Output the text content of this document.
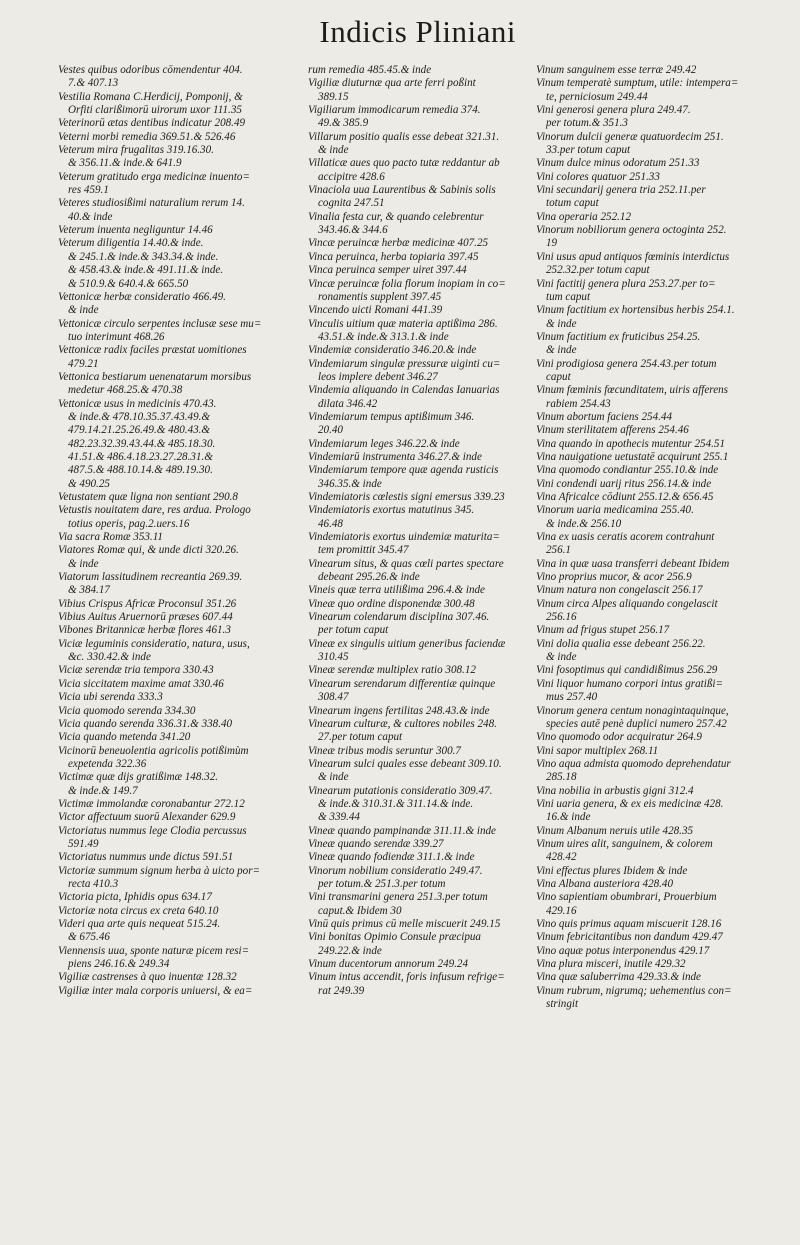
Indicis Pliniani

Vestes quibus odoribus cōmendentur 404.
7.& 407.13

Vestilia Romana C.Herdicij, Pomponij, &
Orfiti clarißimorū uirorum uxor 111.35

Veterinorū ætas dentibus indicatur 208.49

Veterni morbi remedia 369.51.& 526.46

Veterum mira frugalitas 319.16.30.
& 356.11.& inde.& 641.9

Veterum gratitudo erga medicinæ inuento=
res 459.1

Veteres studiosißimi naturalium rerum 14.
40.& inde

Veterum inuenta negliguntur 14.46

Veterum diligentia 14.40.& inde.
& 245.1.& inde.& 343.34.& inde.
& 458.43.& inde.& 491.11.& inde.
& 510.9.& 640.4.& 665.50

Vettonicæ herbæ consideratio 466.49.
& inde

Vettonicæ circulo serpentes inclusæ sese mu=
tuo interimunt 468.26

Vettonicæ radix faciles præstat uomitiones
479.21

Vettonica bestiarum uenenatarum morsibus
medetur 468.25.& 470.38

Vettonicæ usus in medicinis 470.43.
& inde.& 478.10.35.37.43.49.&
479.14.21.25.26.49.& 480.43.&
482.23.32.39.43.44.& 485.18.30.
41.51.& 486.4.18.23.27.28.31.&
487.5.& 488.10.14.& 489.19.30.
& 490.25

Vetustatem quæ ligna non sentiant 290.8

Vetustis nouitatem dare, res ardua. Prologo
totius operis, pag.2.uers.16

Via sacra Romæ 353.11

Viatores Romæ qui, & unde dicti 320.26.
& inde

Viatorum lassitudinem recreantia 269.39.
& 384.17

Vibius Crispus Africæ Proconsul 351.26

Vibius Auitus Aruernorū præses 607.44

Vibones Britannicæ herbæ flores 461.3

Viciæ leguminis consideratio, natura, usus,
&c. 330.42.& inde

Viciæ serendæ tria tempora 330.43

Vicia siccitatem maxime amat 330.46

Vicia ubi serenda 333.3

Vicia quomodo serenda 334.30

Vicia quando serenda 336.31.& 338.40

Vicia quando metenda 341.20

Vicinorū beneuolentia agricolis potißimùm
expetenda 322.36

Victimæ quæ dijs gratißimæ 148.32.
& inde.& 149.7

Victimæ immolandæ coronabantur 272.12

Victor affectuum suorū Alexander 629.9

Victoriatus nummus lege Clodia percussus
591.49

Victoriatus nummus unde dictus 591.51

Victoriæ summum signum herba à uicto por=
recta 410.3

Victoria picta, Iphidis opus 634.17

Victoriæ nota circus ex creta 640.10

Videri qua arte quis nequeat 515.24.
& 675.46

Viennensis uua, sponte naturæ picem resi=
piens 246.16.& 249.34

Vigiliæ castrenses à quo inuentæ 128.32

Vigiliæ inter mala corporis uniuersi, & ea=

rum remedia 485.45.& inde

Vigiliæ diuturnæ qua arte ferri poßint
389.15

Vigiliarum immodicarum remedia 374.
49.& 385.9

Villarum positio qualis esse debeat 321.31.
& inde

Villaticæ aues quo pacto tutæ reddantur ab
accipitre 428.6

Vinaciola uua Laurentibus & Sabinis solis
cognita 247.51

Vinalia festa cur, & quando celebrentur
343.46.& 344.6

Vincæ peruincæ herbæ medicinæ 407.25

Vinca peruinca, herba topiaria 397.45

Vinca peruinca semper uiret 397.44

Vincæ peruincæ folia florum inopiam in co=
ronamentis supplent 397.45

Vincendo uicti Romani 441.39

Vinculis uitium quæ materia aptißima 286.
43.51.& inde.& 313.1.& inde

Vindemiæ consideratio 346.20.& inde

Vindemiarum singulæ pressuræ uiginti cu=
leos implere debent 346.27

Vindemia aliquando in Calendas Ianuarias
dilata 346.42

Vindemiarum tempus aptißimum 346.
20.40

Vindemiarum leges 346.22.& inde

Vindemiarū instrumenta 346.27.& inde

Vindemiarum tempore quæ agenda rusticis
346.35.& inde

Vindemiatoris cœlestis signi emersus 339.23

Vindemiatoris exortus matutinus 345.
46.48

Vindemiatoris exortus uindemiæ maturita=
tem promittit 345.47

Vinearum situs, & quas cœli partes spectare
debeant 295.26.& inde

Vineis quæ terra utilißima 296.4.& inde

Vineæ quo ordine disponendæ 300.48

Vinearum colendarum disciplina 307.46.
per totum caput

Vineæ ex singulis uitium generibus faciendæ
310.45

Vineæ serendæ multiplex ratio 308.12

Vinearum serendarum differentiæ quinque
308.47

Vinearum ingens fertilitas 248.43.& inde

Vinearum culturæ, & cultores nobiles 248.
27.per totum caput

Vineæ tribus modis seruntur 300.7

Vinearum sulci quales esse debeant 309.10.
& inde

Vinearum putationis consideratio 309.47.
& inde.& 310.31.& 311.14.& inde.
& 339.44

Vineæ quando pampinandæ 311.11.& inde

Vineæ quando serendæ 339.27

Vineæ quando fodiendæ 311.1.& inde

Vinorum nobilium consideratio 249.47.
per totum.& 251.3.per totum

Vini transmarini genera 251.3.per totum
caput.& Ibidem 30

Vinū quis primus cū melle miscuerit 249.15

Vini bonitas Opimio Consule præcipua
249.22.& inde

Vinum ducentorum annorum 249.24

Vinum intus accendit, foris infusum refrige=
rat 249.39

Vinum sanguinem esse terræ 249.42

Vinum temperatè sumptum, utile: intempera=
te, perniciosum 249.44

Vini generosi genera plura 249.47.
per totum.& 351.3

Vinorum dulcii generæ quatuordecim 251.
33.per totum caput

Vinum dulce minus odoratum 251.33

Vini colores quatuor 251.33

Vini secundarij genera tria 252.11.per
totum caput

Vina operaria 252.12

Vinorum nobiliorum genera octoginta 252.
19

Vini usus apud antiquos fœminis interdictus
252.32.per totum caput

Vini factitij genera plura 253.27.per to=
tum caput

Vinum factitium ex hortensibus herbis 254.1.
& inde

Vinum factitium ex fruticibus 254.25.
& inde

Vini prodigiosa genera 254.43.per totum
caput

Vinum fœminis fœcunditatem, uiris afferens
rabiem 254.43

Vinum abortum faciens 254.44

Vinum sterilitatem afferens 254.46

Vina quando in apothecis mutentur 254.51

Vina nauigatione uetustatē acquirunt 255.1

Vina quomodo condiantur 255.10.& inde

Vini condendi uarij ritus 256.14.& inde

Vina Africalce cōdiunt 255.12.& 656.45

Vinorum uaria medicamina 255.40.
& inde.& 256.10

Vina ex uasis ceratis acorem contrahunt
256.1

Vina in quæ uasa transferri debeant Ibidem

Vino proprius mucor, & acor 256.9

Vinum natura non congelascit 256.17

Vinum circa Alpes aliquando congelascit
256.16

Vinum ad frigus stupet 256.17

Vini dolia qualia esse debeant 256.22.
& inde

Vini fosoptimus qui candidißimus 256.29

Vini liquor humano corpori intus gratißi=
mus 257.40

Vinorum genera centum nonagintaquinque,
species autē penè duplici numero 257.42

Vino quomodo odor acquiratur 264.9

Vini sapor multiplex 268.11

Vino aqua admista quomodo deprehendatur
285.18

Vina nobilia in arbustis gigni 312.4

Vini uaria genera, & ex eis medicinæ 428.
16.& inde

Vinum Albanum neruis utile 428.35

Vinum uires alit, sanguinem, & colorem
428.42

Vini effectus plures Ibidem & inde

Vina Albana austeriora 428.40

Vino sapientiam obumbrari, Prouerbium
429.16

Vino quis primus aquam miscuerit 128.16

Vinum febricitantibus non dandum 429.47

Vino aquæ potus interponendus 429.17

Vina plura misceri, inutile 429.32

Vina quæ saluberrima 429.33.& inde

Vinum rubrum, nigrumq; uehementius con=
stringit
